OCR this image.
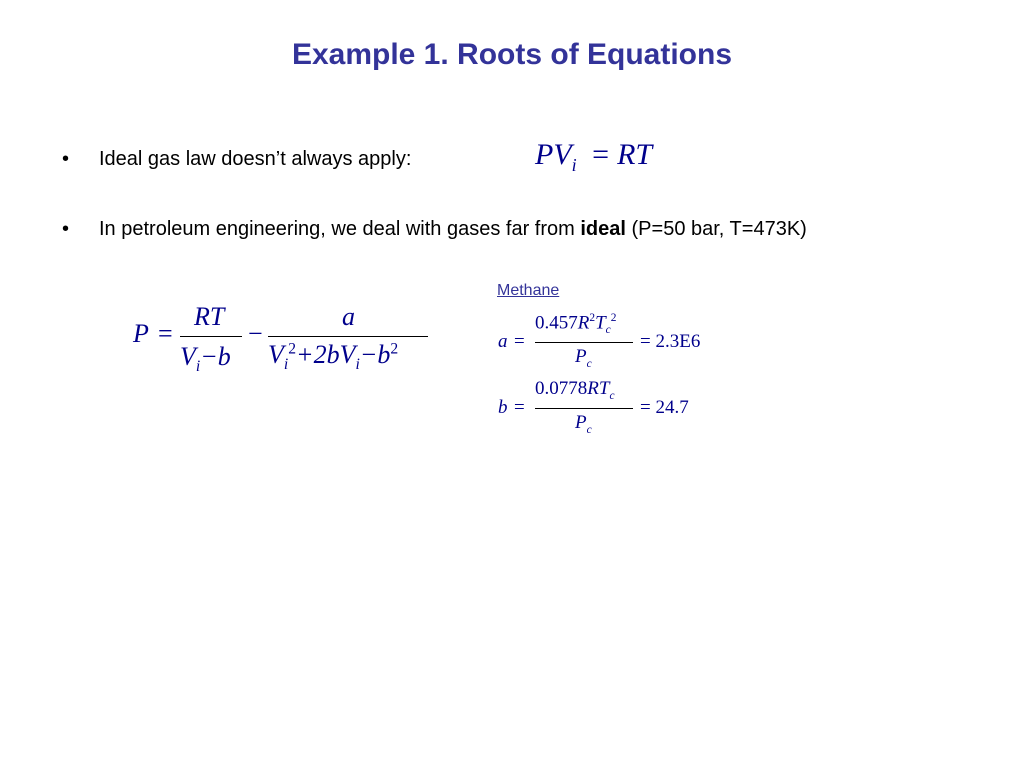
Example 1. Roots of Equations
• Ideal gas law doesn’t always apply:	$PV_i$ = RT
• In petroleum engineering, we deal with gases far from ideal (P=50 bar, T=473K)
Methane
P =
RT
$V_i-b$
−
a
$V_i^2+2bV_i-b^2$	a =
$0.457R^2T_c^2$
$P_c$
= 2.3E6
b =
$0.0778RT_c$
$P_c$
= 24.7
